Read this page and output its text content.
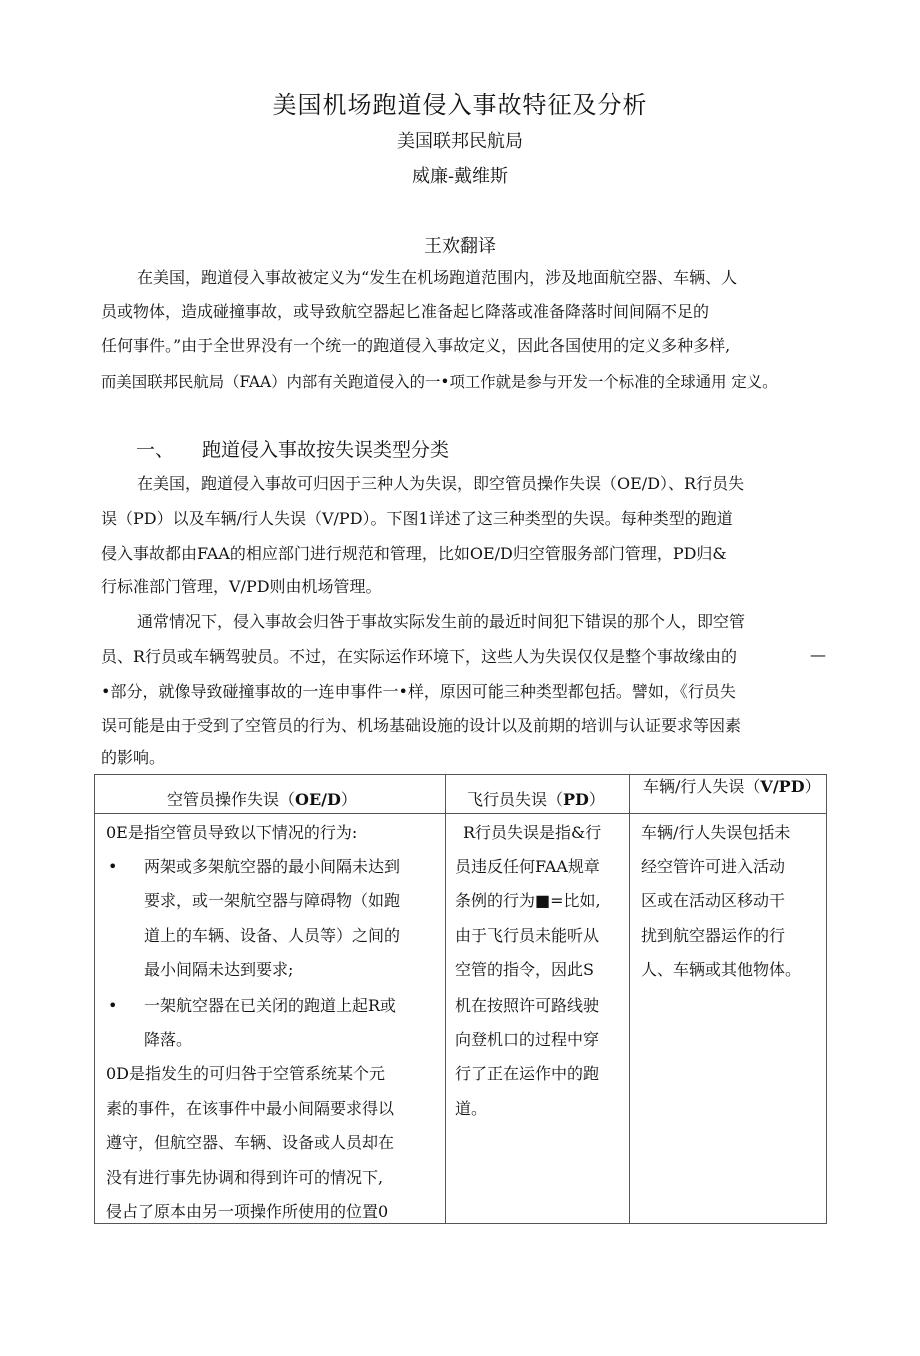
美国机场跑道侵入事故特征及分析
美国联邦民航局
威廉-戴维斯
王欢翻译
在美国，跑道侵入事故被定义为“发生在机场跑道范围内，涉及地面航空器、车辆、人
员或物体，造成碰撞事故，或导致航空器起匕准备起匕降落或准备降落时间间隔不足的
任何事件。”由于全世界没有一个统一的跑道侵入事故定义，因此各国使用的定义多种多样,
而美国联邦民航局（FAA）内部有关跑道侵入的一•项工作就是参与开发一个标准的全球通用 定义。
一、 跑道侵入事故按失误类型分类
在美国，跑道侵入事故可归因于三种人为失误，即空管员操作失误（OE/D）、R行员失
误（PD）以及车辆/行人失误（V/PD）。下图1详述了这三种类型的失误。每种类型的跑道
侵入事故都由FAA的相应部门进行规范和管理，比如OE/D归空管服务部门管理，PD归&
行标准部门管理，V/PD则由机场管理。
通常情况下，侵入事故会归咎于事故实际发生前的最近时间犯下错误的那个人，即空管
员、R行员或车辆驾驶员。不过，在实际运作环境下，这些人为失误仅仅是整个事故缘由的
•部分，就像导致碰撞事故的一连申事件一•样，原因可能三种类型都包括。譬如，《行员失
误可能是由于受到了空管员的行为、机场基础设施的设计以及前期的培训与认证要求等因素
的影响。
—
空管员操作失误（OE/D）	飞行员失误（PD）
车辆/行人失误（V/PD）
0E是指空管员导致以下情况的行为:
• 两架或多架航空器的最小间隔未达到
要求，或一架航空器与障碍物（如跑
道上的车辆、设备、人员等）之间的
最小间隔未达到要求;
• 一架航空器在已关闭的跑道上起R或
降落。
0D是指发生的可归咎于空管系统某个元
素的事件，在该事件中最小间隔要求得以
遵守，但航空器、车辆、设备或人员却在
没有进行事先协调和得到许可的情况下,
侵占了原本由另一项操作所使用的位置0
R行员失误是指&行
员违反任何FAA规章
条例的行为■=比如,
由于飞行员未能听从
空管的指令，因此S
机在按照许可路线驶
向登机口的过程中穿
行了正在运作中的跑
道。
车辆/行人失误包括未
经空管许可进入活动
区或在活动区移动干
扰到航空器运作的行
人、车辆或其他物体。
